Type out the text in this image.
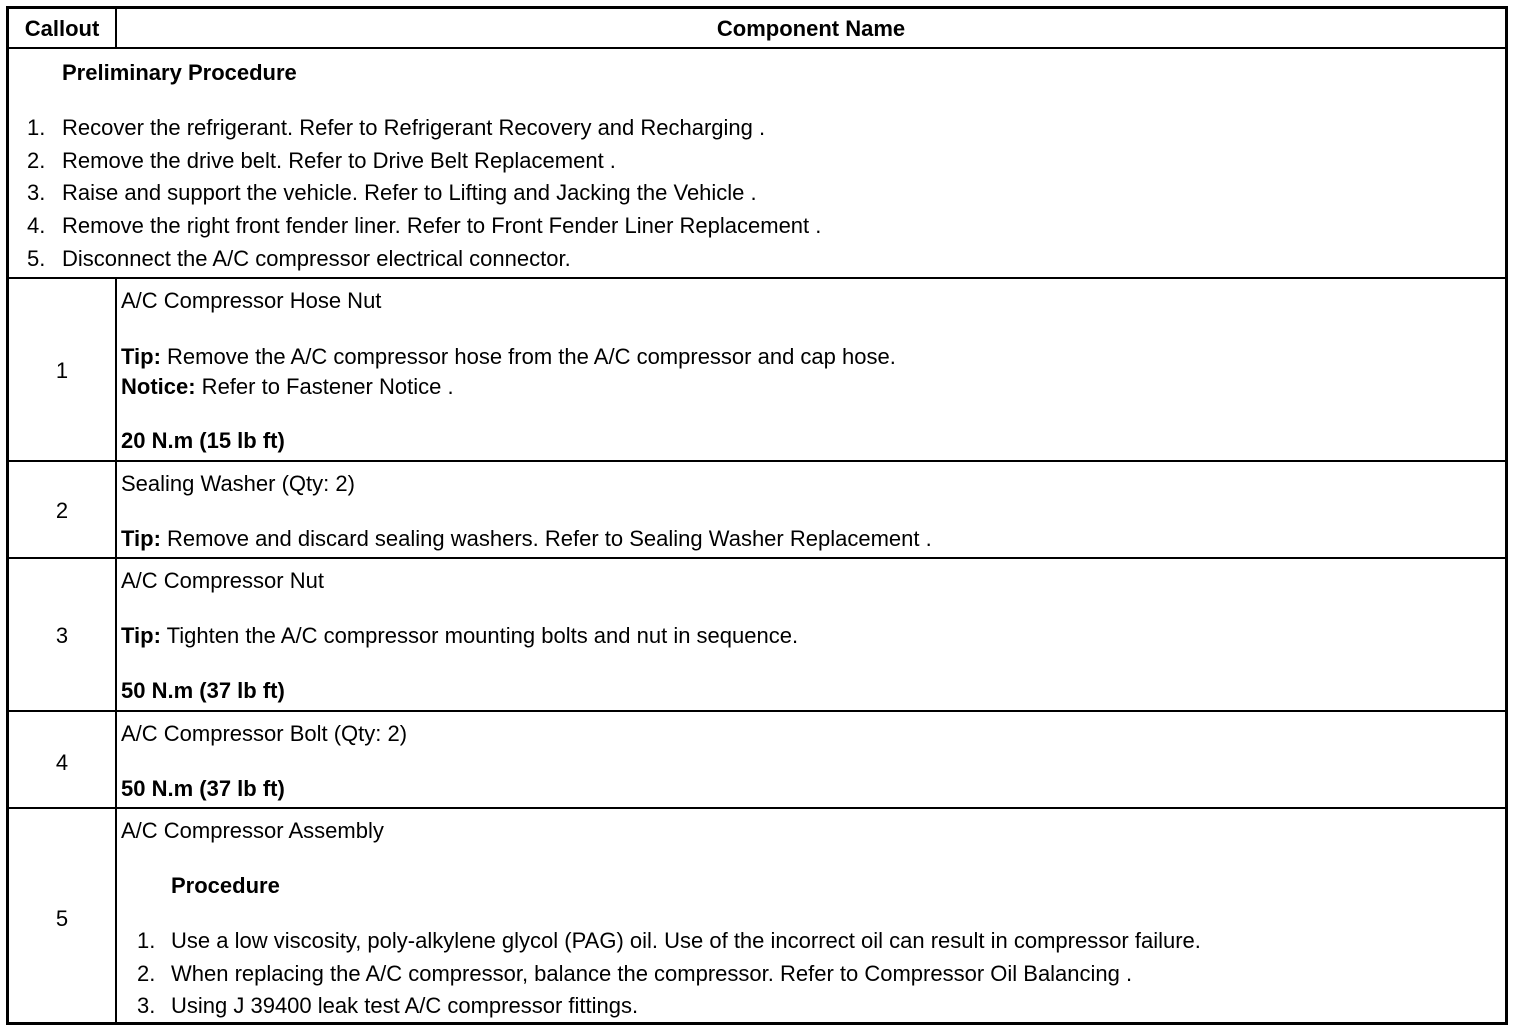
Callout	Component Name
Preliminary Procedure
1. Recover the refrigerant. Refer to Refrigerant Recovery and Recharging .
2. Remove the drive belt. Refer to Drive Belt Replacement .
3. Raise and support the vehicle. Refer to Lifting and Jacking the Vehicle .
4. Remove the right front fender liner. Refer to Front Fender Liner Replacement .
5. Disconnect the A/C compressor electrical connector.
1
A/C Compressor Hose Nut
Tip: Remove the A/C compressor hose from the A/C compressor and cap hose.
Notice: Refer to Fastener Notice .
20 N.m (15 lb ft)
2
Sealing Washer (Qty: 2)
Tip: Remove and discard sealing washers. Refer to Sealing Washer Replacement .
3
A/C Compressor Nut
Tip: Tighten the A/C compressor mounting bolts and nut in sequence.
50 N.m (37 lb ft)
4
A/C Compressor Bolt (Qty: 2)
50 N.m (37 lb ft)
5
A/C Compressor Assembly
Procedure
1. Use a low viscosity, poly-alkylene glycol (PAG) oil. Use of the incorrect oil can result in compressor failure.
2. When replacing the A/C compressor, balance the compressor. Refer to Compressor Oil Balancing .
3. Using J 39400 leak test A/C compressor fittings.
